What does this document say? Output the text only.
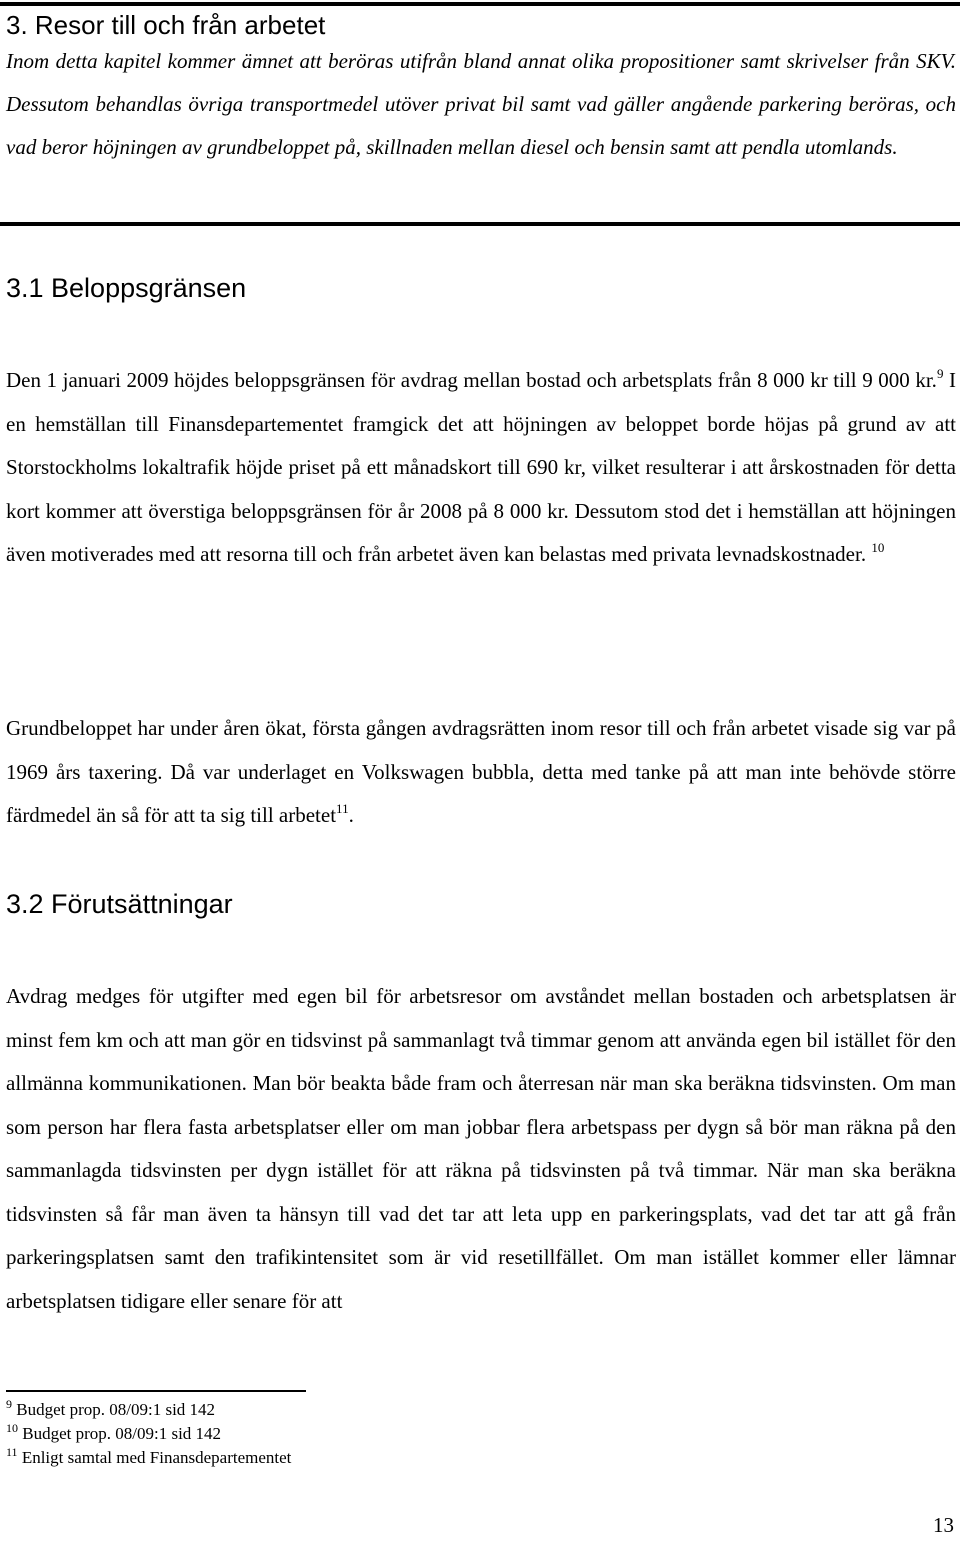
3. Resor till och från arbetet

Inom detta kapitel kommer ämnet att beröras utifrån bland annat olika propositioner samt skrivelser från SKV. Dessutom behandlas övriga transportmedel utöver privat bil samt vad gäller angående parkering beröras, och vad beror höjningen av grundbeloppet på, skillnaden mellan diesel och bensin samt att pendla utomlands.

3.1 Beloppsgränsen

Den 1 januari 2009 höjdes beloppsgränsen för avdrag mellan bostad och arbetsplats från 8 000 kr till 9 000 kr.$^9$ I en hemställan till Finansdepartementet framgick det att höjningen av beloppet borde höjas på grund av att Storstockholms lokaltrafik höjde priset på ett månadskort till 690 kr, vilket resulterar i att årskostnaden för detta kort kommer att överstiga beloppsgränsen för år 2008 på 8 000 kr. Dessutom stod det i hemställan att höjningen även motiverades med att resorna till och från arbetet även kan belastas med privata levnadskostnader. $^{10}$

Grundbeloppet har under åren ökat, första gången avdragsrätten inom resor till och från arbetet visade sig var på 1969 års taxering. Då var underlaget en Volkswagen bubbla, detta med tanke på att man inte behövde större färdmedel än så för att ta sig till arbetet$^{11}$.

3.2 Förutsättningar

Avdrag medges för utgifter med egen bil för arbetsresor om avståndet mellan bostaden och arbetsplatsen är minst fem km och att man gör en tidsvinst på sammanlagt två timmar genom att använda egen bil istället för den allmänna kommunikationen. Man bör beakta både fram och återresan när man ska beräkna tidsvinsten. Om man som person har flera fasta arbetsplatser eller om man jobbar flera arbetspass per dygn så bör man räkna på den sammanlagda tidsvinsten per dygn istället för att räkna på tidsvinsten på två timmar. När man ska beräkna tidsvinsten så får man även ta hänsyn till vad det tar att leta upp en parkeringsplats, vad det tar att gå från parkeringsplatsen samt den trafikintensitet som är vid resetillfället. Om man istället kommer eller lämnar arbetsplatsen tidigare eller senare för att

$^9$ Budget prop. 08/09:1 sid 142
$^{10}$ Budget prop. 08/09:1 sid 142
$^{11}$ Enligt samtal med Finansdepartementet
13
